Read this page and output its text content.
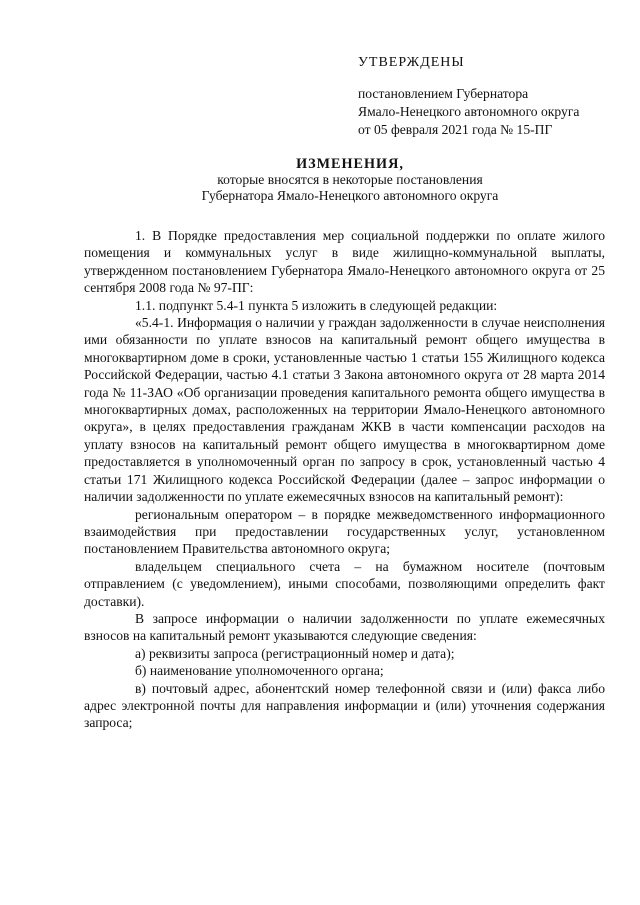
УТВЕРЖДЕНЫ
постановлением Губернатора
Ямало-Ненецкого автономного округа
от 05 февраля 2021 года № 15-ПГ
ИЗМЕНЕНИЯ,
которые вносятся в некоторые постановления
Губернатора Ямало-Ненецкого автономного округа

1. В Порядке предоставления мер социальной поддержки по оплате жилого помещения и коммунальных услуг в виде жилищно-коммунальной выплаты, утвержденном постановлением Губернатора Ямало-Ненецкого автономного округа от 25 сентября 2008 года № 97-ПГ:

1.1. подпункт 5.4-1 пункта 5 изложить в следующей редакции:

«5.4-1. Информация о наличии у граждан задолженности в случае неисполнения ими обязанности по уплате взносов на капитальный ремонт общего имущества в многоквартирном доме в сроки, установленные частью 1 статьи 155 Жилищного кодекса Российской Федерации, частью 4.1 статьи 3 Закона автономного округа от 28 марта 2014 года № 11-ЗАО «Об организации проведения капитального ремонта общего имущества в многоквартирных домах, расположенных на территории Ямало-Ненецкого автономного округа», в целях предоставления гражданам ЖКВ в части компенсации расходов на уплату взносов на капитальный ремонт общего имущества в многоквартирном доме предоставляется в уполномоченный орган по запросу в срок, установленный частью 4 статьи 171 Жилищного кодекса Российской Федерации (далее – запрос информации о наличии задолженности по уплате ежемесячных взносов на капитальный ремонт):

региональным оператором – в порядке межведомственного информационного взаимодействия при предоставлении государственных услуг, установленном постановлением Правительства автономного округа;

владельцем специального счета – на бумажном носителе (почтовым отправлением (с уведомлением), иными способами, позволяющими определить факт доставки).

В запросе информации о наличии задолженности по уплате ежемесячных взносов на капитальный ремонт указываются следующие сведения:

а) реквизиты запроса (регистрационный номер и дата);

б) наименование уполномоченного органа;

в) почтовый адрес, абонентский номер телефонной связи и (или) факса либо адрес электронной почты для направления информации и (или) уточнения содержания запроса;
